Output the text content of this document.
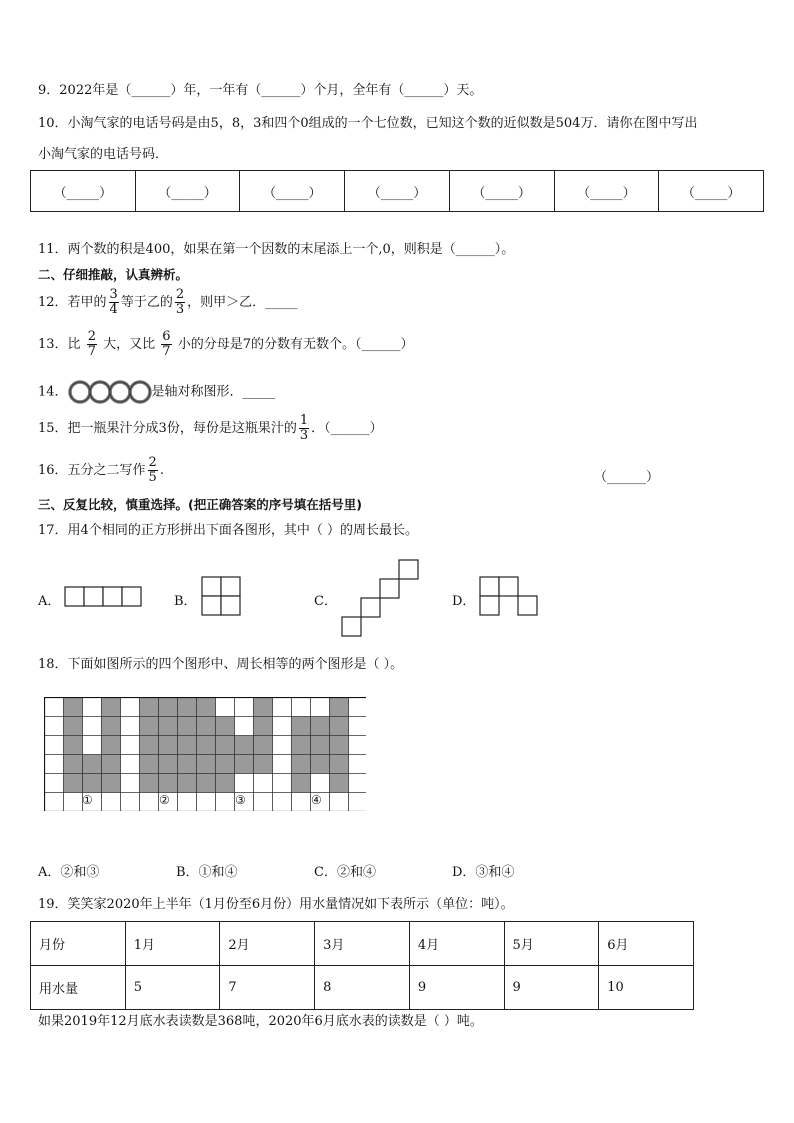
9．2022年是（______）年，一年有（______）个月，全年有（______）天。
10．小淘气家的电话号码是由5，8，3和四个0组成的一个七位数，已知这个数的近似数是504万．请你在图中写出
小淘气家的电话号码．
（_____）	（_____）	（_____）	（_____）	（_____）	（_____）	（_____）
11．两个数的积是400，如果在第一个因数的末尾添上一个,0，则积是（______）。
二、仔细推敲，认真辨析。
12．若甲的 $\frac{3}{4}$ 等于乙的 $\frac{2}{3}$ ，则甲＞乙．_____
13．比 $\frac{2}{7}$ 大，又比 $\frac{6}{7}$ 小的分母是7的分数有无数个。（______）
14．	是轴对称图形．_____
15．把一瓶果汁分成3份，每份是这瓶果汁的 $\frac{1}{3}$ ．（______）
16．五分之二写作 $\frac{2}{5}$ .	（______）
三、反复比较，慎重选择。(把正确答案的序号填在括号里)
17．用4个相同的正方形拼出下面各图形，其中（ ）的周长最长。
A．	B．	C．	D．
18．下面如图所示的四个图形中、周长相等的两个图形是（ ）。
①	②	③	④
A．②和③	B．①和④	C．②和④	D．③和④
19．笑笑家2020年上半年（1月份至6月份）用水量情况如下表所示（单位：吨）。
月份	1月	2月	3月	4月	5月	6月
用水量	5	7	8	9	9	10
如果2019年12月底水表读数是368吨，2020年6月底水表的读数是（ ）吨。
